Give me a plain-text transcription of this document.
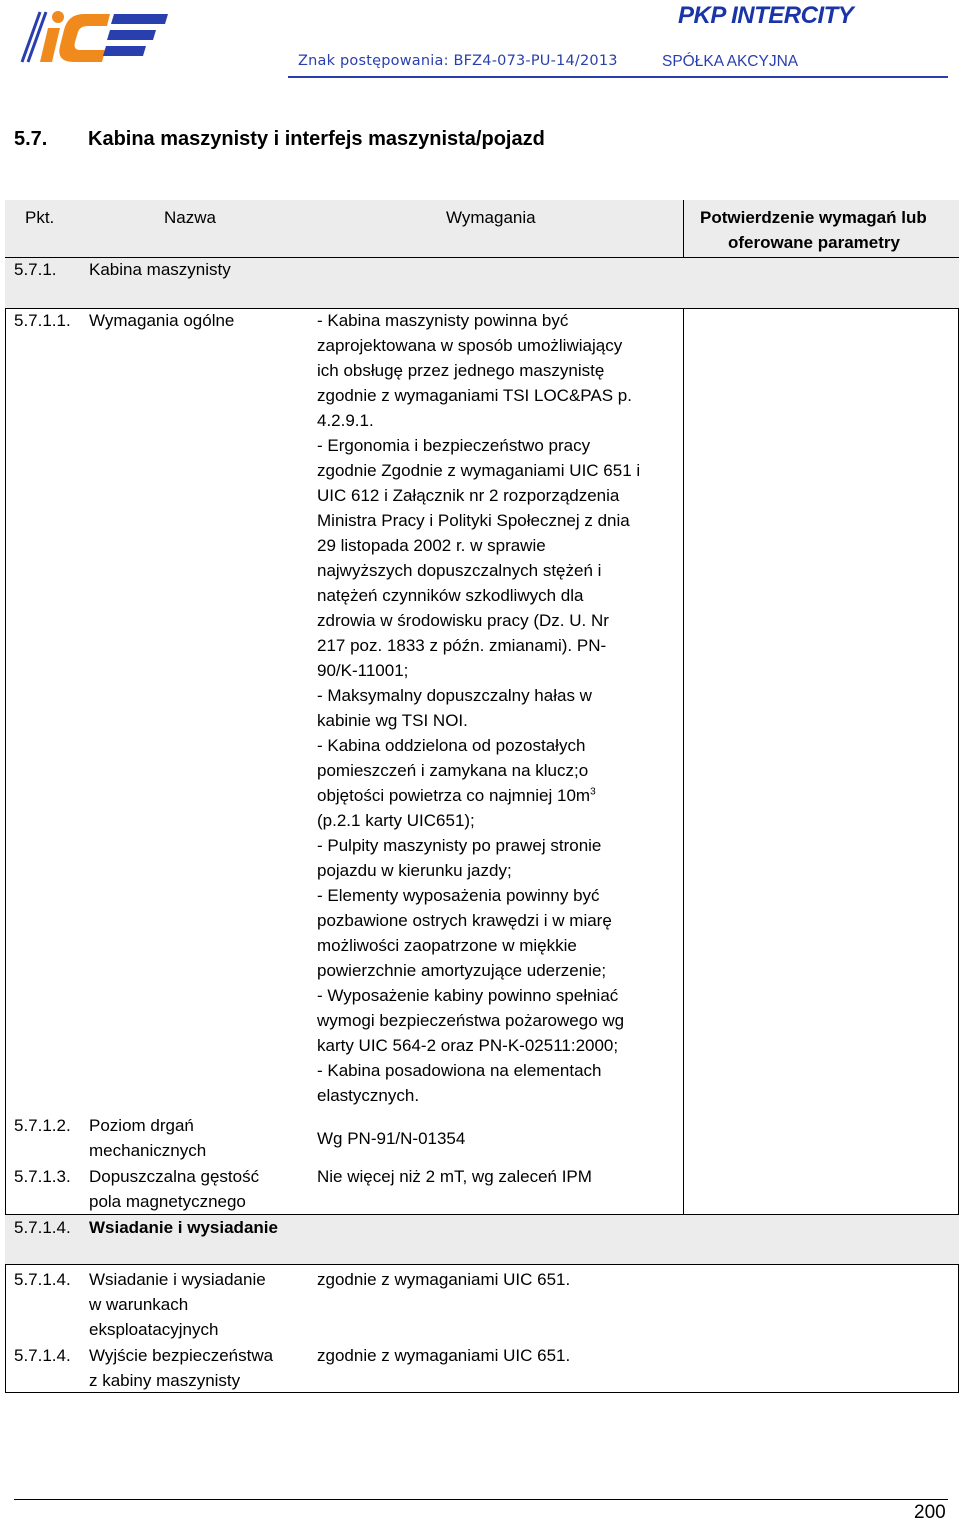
PKP INTERCITY
Znak postępowania: BFZ4-073-PU-14/2013	SPÓŁKA AKCYJNA
5.7. Kabina maszynisty i interfejs maszynista/pojazd
Pkt.	Nazwa	Wymagania	Potwierdzenie wymagań lub
oferowane parametry
5.7.1. Kabina maszynisty
5.7.1.1. Wymagania ogólne	- Kabina maszynisty powinna być
zaprojektowana w sposób umożliwiający
ich obsługę przez jednego maszynistę
zgodnie z wymaganiami TSI LOC&PAS p.
4.2.9.1.
- Ergonomia i bezpieczeństwo pracy
zgodnie Zgodnie z wymaganiami UIC 651 i
UIC 612 i Załącznik nr 2 rozporządzenia
Ministra Pracy i Polityki Społecznej z dnia
29 listopada 2002 r. w sprawie
najwyższych dopuszczalnych stężeń i
natężeń czynników szkodliwych dla
zdrowia w środowisku pracy (Dz. U. Nr
217 poz. 1833 z późn. zmianami). PN-
90/K-11001;
- Maksymalny dopuszczalny hałas w
kabinie wg TSI NOI.
- Kabina oddzielona od pozostałych
pomieszczeń i zamykana na klucz;o
objętości powietrza co najmniej $10m^3$

(p.2.1 karty UIC651);
- Pulpity maszynisty po prawej stronie
pojazdu w kierunku jazdy;
- Elementy wyposażenia powinny być
pozbawione ostrych krawędzi i w miarę
możliwości zaopatrzone w miękkie
powierzchnie amortyzujące uderzenie;
- Wyposażenie kabiny powinno spełniać
wymogi bezpieczeństwa pożarowego wg
karty UIC 564-2 oraz PN-K-02511:2000;
- Kabina posadowiona na elementach
elastycznych.

5.7.1.2. Poziom drgań
mechanicznych
Wg PN-91/N-01354
5.7.1.3. Dopuszczalna gęstość
pola magnetycznego
Nie więcej niż 2 mT, wg zaleceń IPM
5.7.1.4. Wsiadanie i wysiadanie
5.7.1.4. Wsiadanie i wysiadanie
w warunkach
eksploatacyjnych
zgodnie z wymaganiami UIC 651.
5.7.1.4. Wyjście bezpieczeństwa
z kabiny maszynisty
zgodnie z wymaganiami UIC 651.
200
